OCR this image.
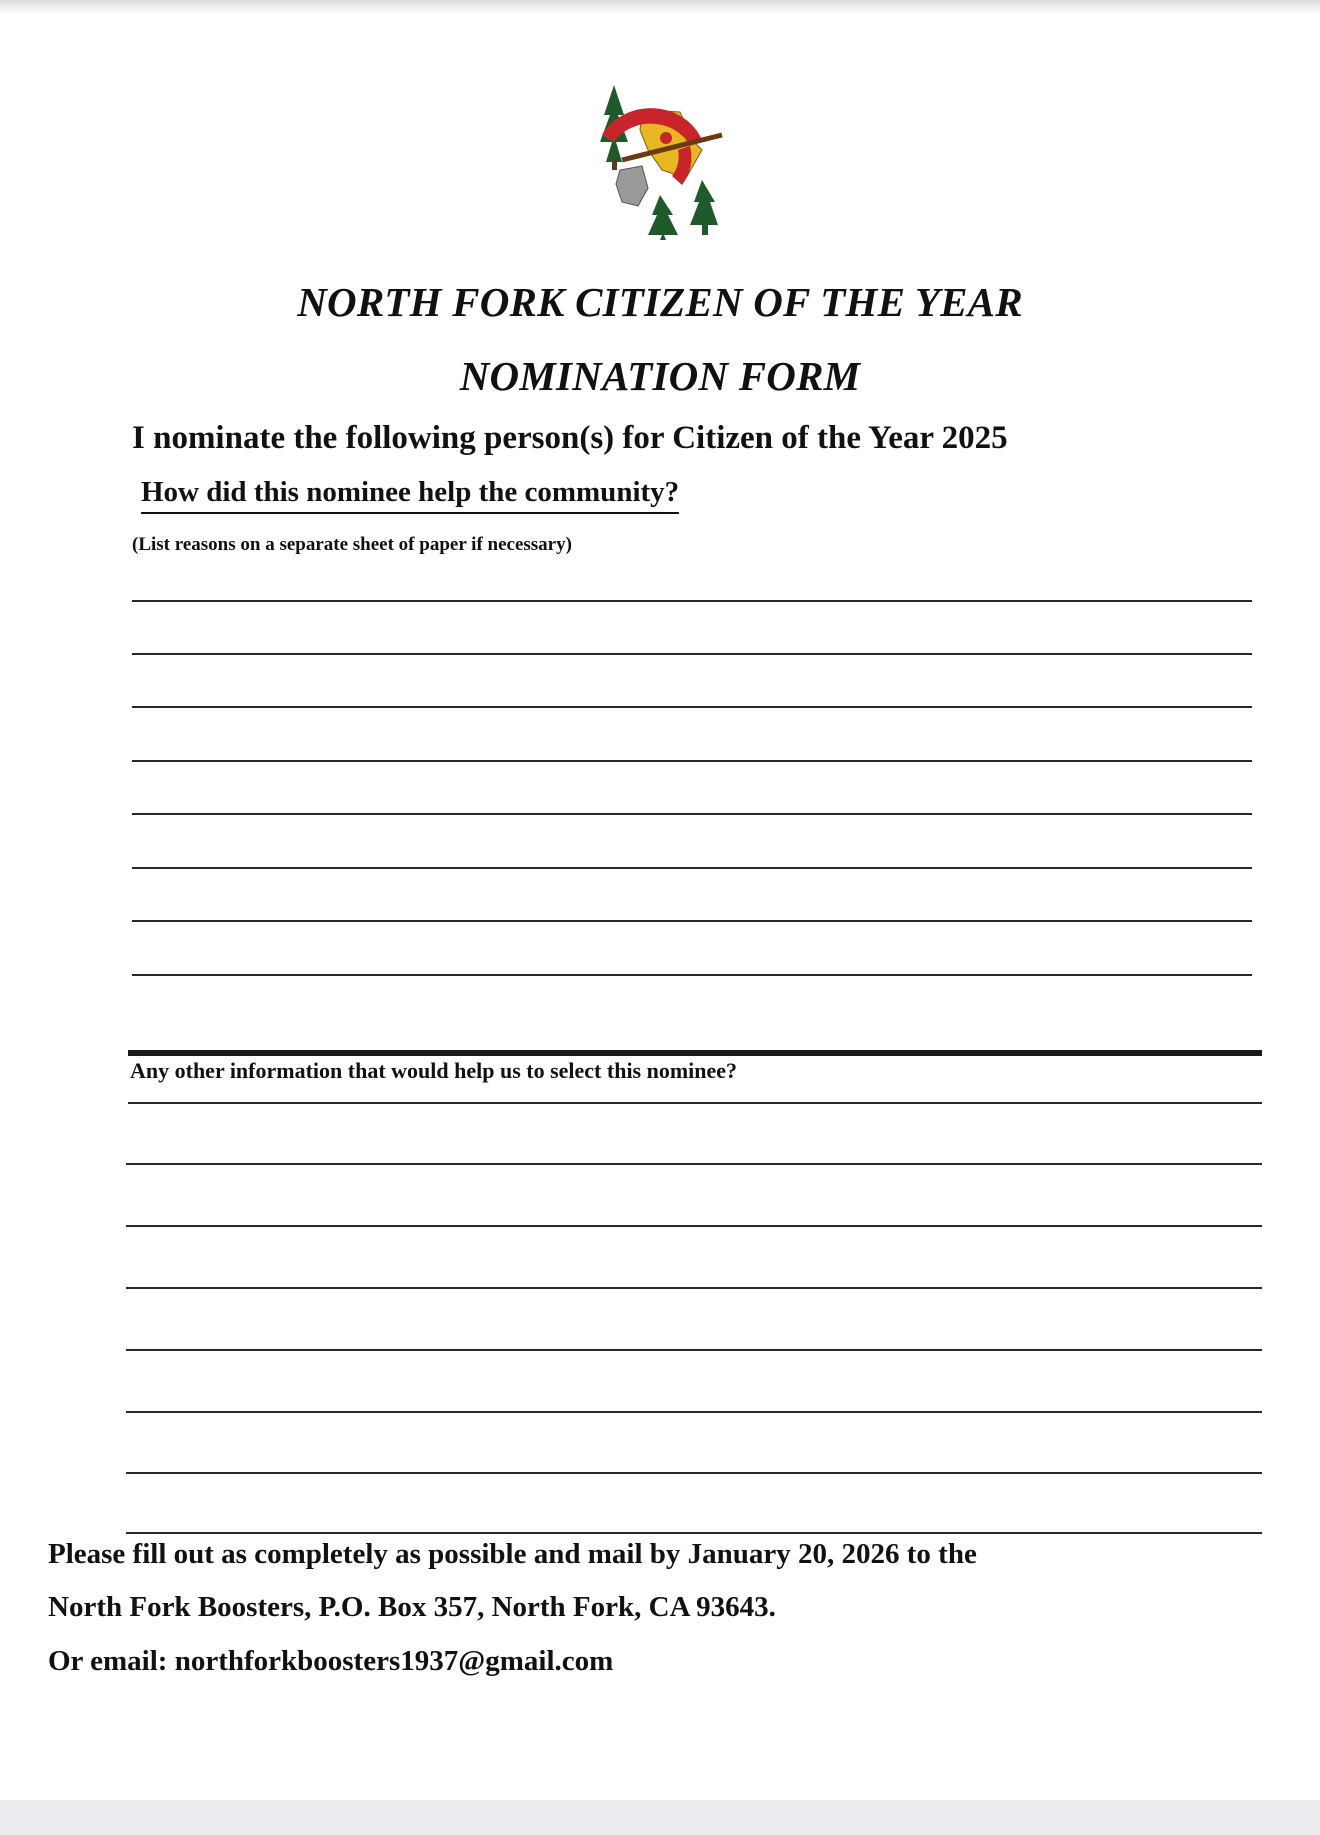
NORTH FORK CITIZEN OF THE YEAR
NOMINATION FORM
I nominate the following person(s) for Citizen of the Year 2025
How did this nominee help the community?
(List reasons on a separate sheet of paper if necessary)
Any other information that would help us to select this nominee?
Please fill out as completely as possible and mail by January 20, 2026 to the
North Fork Boosters, P.O. Box 357, North Fork, CA 93643.
Or email: northforkboosters1937@gmail.com
